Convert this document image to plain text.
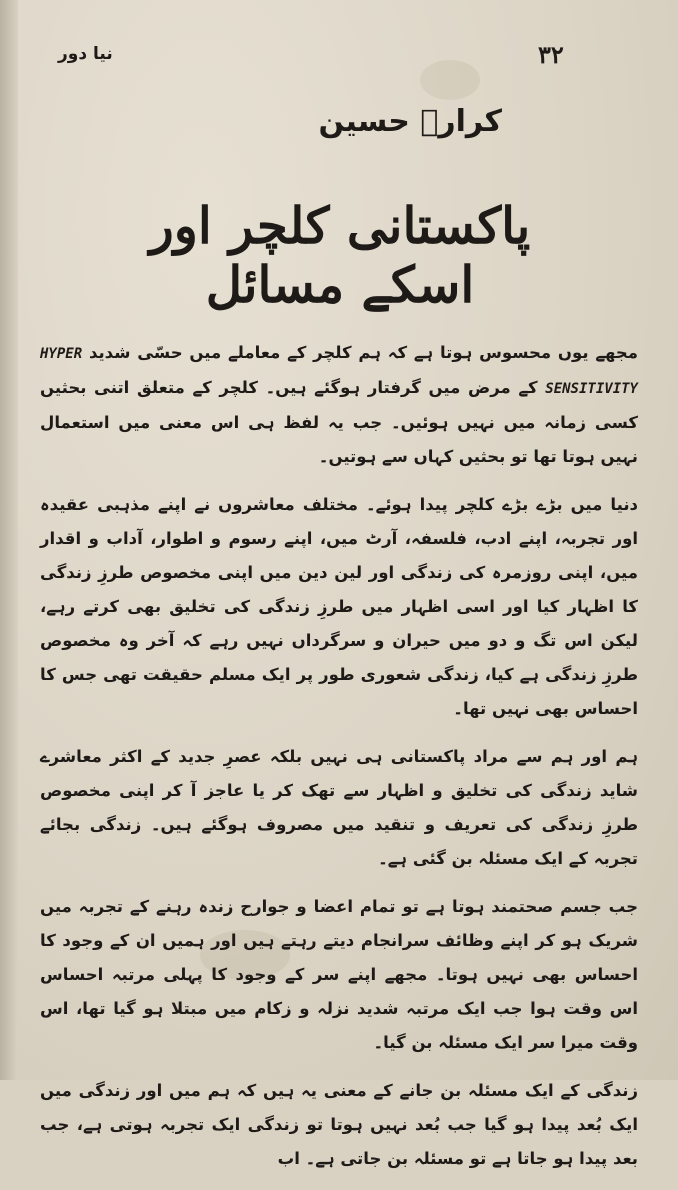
۳۲
نیا دور
کرارؔ حسین
پاکستانی کلچر اور اسکے مسائل

مجھے یوں محسوس ہوتا ہے کہ ہم کلچر کے معاملے میں حسّی شدید HYPER SENSITIVITY کے مرض میں گرفتار ہوگئے ہیں۔ کلچر کے متعلق اتنی بحثیں کسی زمانہ میں نہیں ہوئیں۔ جب یہ لفظ ہی اس معنی میں استعمال نہیں ہوتا تھا تو بحثیں کہاں سے ہوتیں۔

دنیا میں بڑے بڑے کلچر پیدا ہوئے۔ مختلف معاشروں نے اپنے مذہبی عقیدہ اور تجربہ، اپنے ادب، فلسفہ، آرٹ میں، اپنے رسوم و اطوار، آداب و اقدار میں، اپنی روزمرہ کی زندگی اور لین دین میں اپنی مخصوص طرزِ زندگی کا اظہار کیا اور اسی اظہار میں طرزِ زندگی کی تخلیق بھی کرتے رہے، لیکن اس تگ و دو میں حیران و سرگرداں نہیں رہے کہ آخر وہ مخصوص طرزِ زندگی ہے کیا، زندگی شعوری طور پر ایک مسلم حقیقت تھی جس کا احساس بھی نہیں تھا۔

ہم اور ہم سے مراد پاکستانی ہی نہیں بلکہ عصرِ جدید کے اکثر معاشرے شاید زندگی کی تخلیق و اظہار سے تھک کر یا عاجز آ کر اپنی مخصوص طرزِ زندگی کی تعریف و تنقید میں مصروف ہوگئے ہیں۔ زندگی بجائے تجربہ کے ایک مسئلہ بن گئی ہے۔

جب جسم صحتمند ہوتا ہے تو تمام اعضا و جوارح زندہ رہنے کے تجربہ میں شریک ہو کر اپنے وظائف سرانجام دیتے رہتے ہیں اور ہمیں ان کے وجود کا احساس بھی نہیں ہوتا۔ مجھے اپنے سر کے وجود کا پہلی مرتبہ احساس اس وقت ہوا جب ایک مرتبہ شدید نزلہ و زکام میں مبتلا ہو گیا تھا، اس وقت میرا سر ایک مسئلہ بن گیا۔

زندگی کے ایک مسئلہ بن جانے کے معنی یہ ہیں کہ ہم میں اور زندگی میں ایک بُعد پیدا ہو گیا جب بُعد نہیں ہوتا تو زندگی ایک تجربہ ہوتی ہے، جب بعد پیدا ہو جاتا ہے تو مسئلہ بن جاتی ہے۔ اب
